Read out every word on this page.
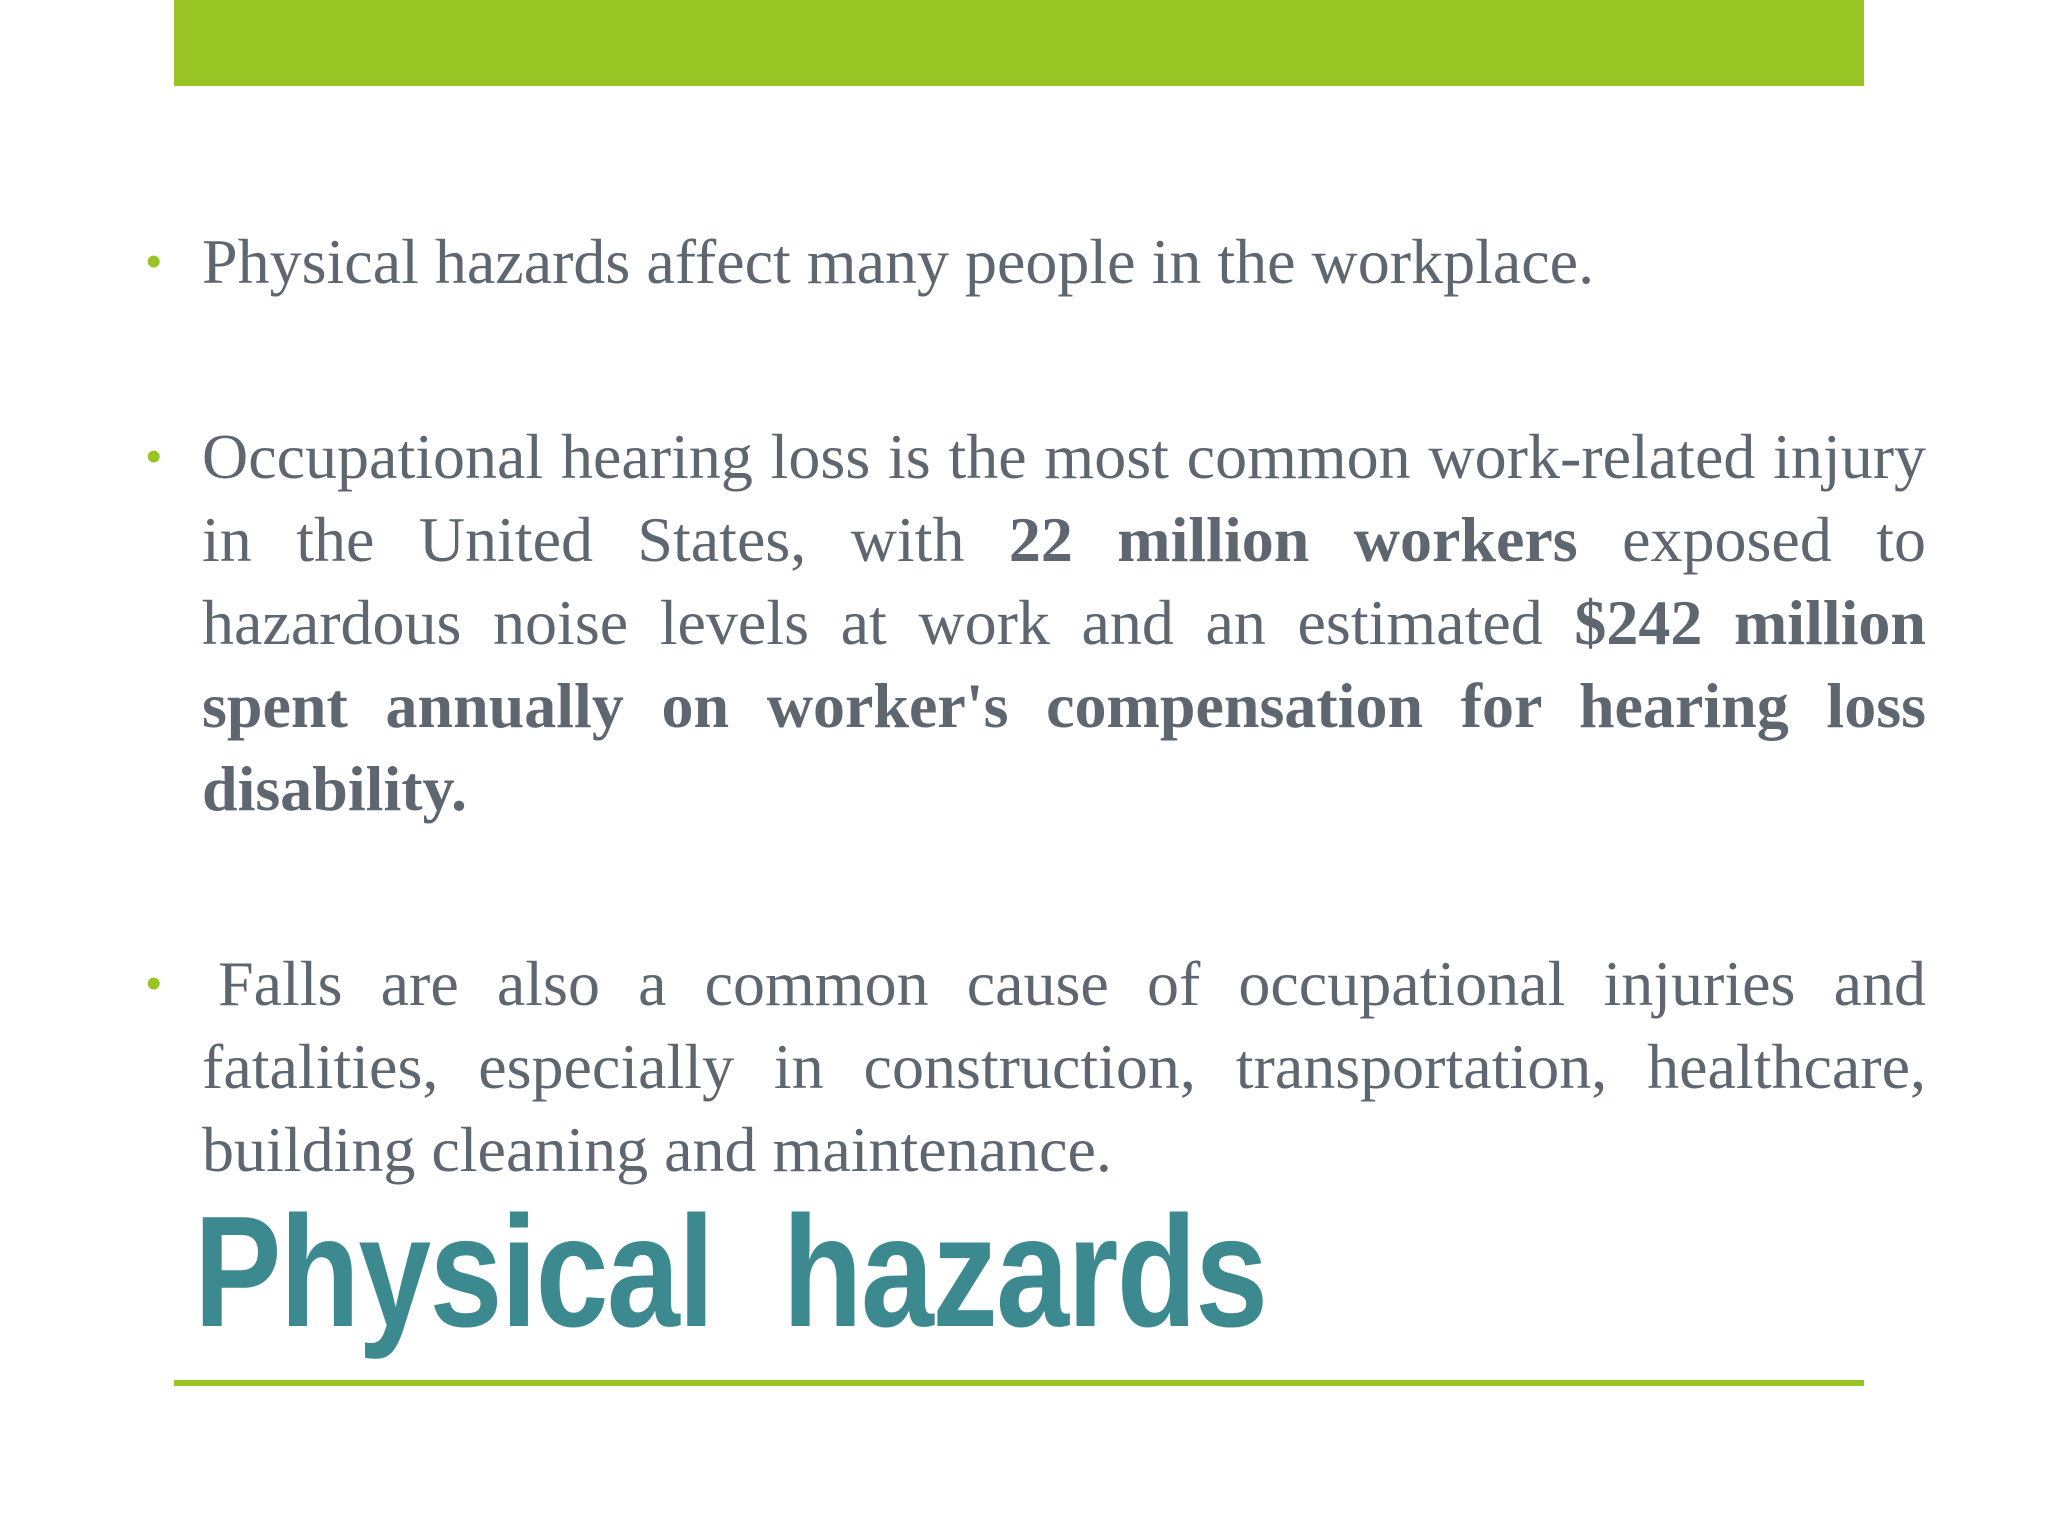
• Physical hazards affect many people in the workplace.
• Occupational hearing loss is the most common work-related injury in the United States, with 22 million workers exposed to hazardous noise levels at work and an estimated $242 million spent annually on worker's compensation for hearing loss disability.
• Falls are also a common cause of occupational injuries and fatalities, especially in construction, transportation, healthcare, building cleaning and maintenance.
Physical  hazards
